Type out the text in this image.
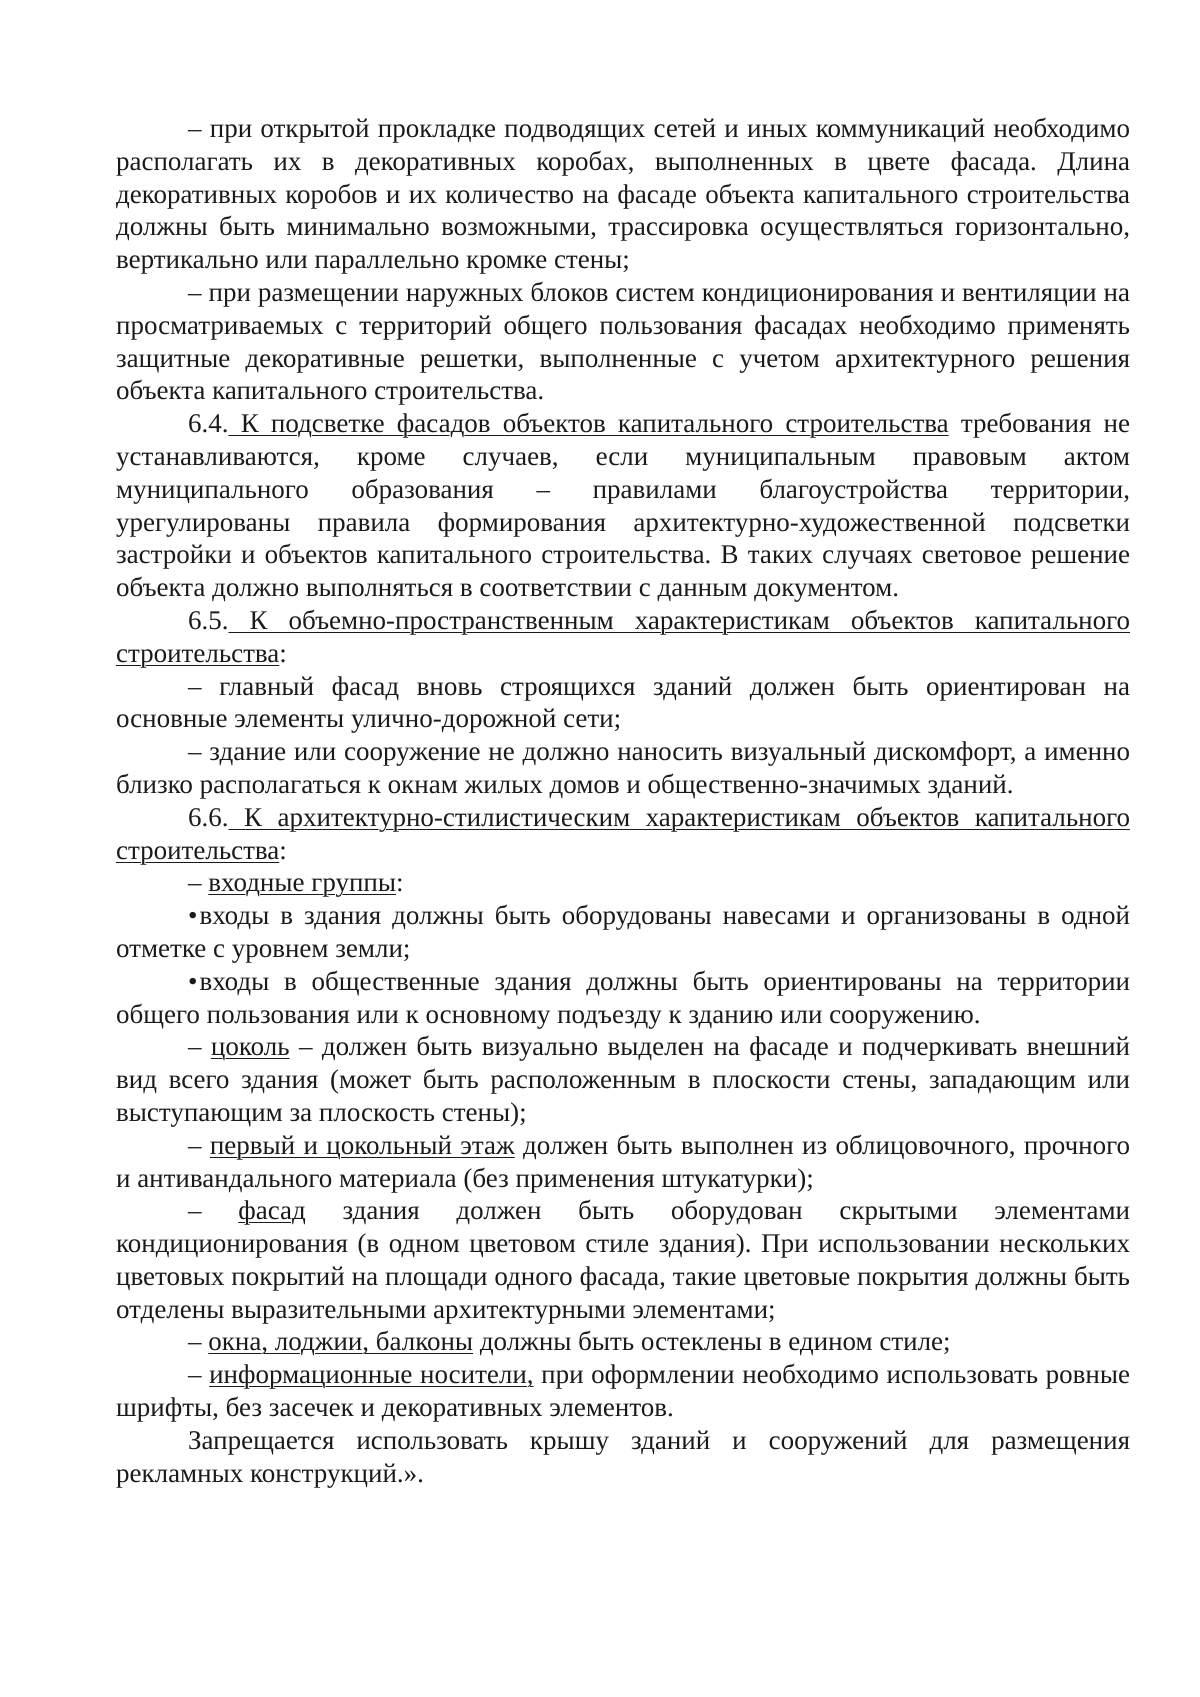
– при открытой прокладке подводящих сетей и иных коммуникаций необходимо располагать их в декоративных коробах, выполненных в цвете фасада. Длина декоративных коробов и их количество на фасаде объекта капитального строительства должны быть минимально возможными, трассировка осуществляться горизонтально, вертикально или параллельно кромке стены;

– при размещении наружных блоков систем кондиционирования и вентиляции на просматриваемых с территорий общего пользования фасадах необходимо применять защитные декоративные решетки, выполненные с учетом архитектурного решения объекта капитального строительства.

6.4. К подсветке фасадов объектов капитального строительства требования не устанавливаются, кроме случаев, если муниципальным правовым актом муниципального образования – правилами благоустройства территории, урегулированы правила формирования архитектурно-художественной подсветки застройки и объектов капитального строительства. В таких случаях световое решение объекта должно выполняться в соответствии с данным документом.

6.5. К объемно-пространственным характеристикам объектов капитального строительства:

– главный фасад вновь строящихся зданий должен быть ориентирован на основные элементы улично-дорожной сети;

– здание или сооружение не должно наносить визуальный дискомфорт, а именно близко располагаться к окнам жилых домов и общественно-значимых зданий.

6.6. К архитектурно-стилистическим характеристикам объектов капитального строительства:

– входные группы:

•входы в здания должны быть оборудованы навесами и организованы в одной отметке с уровнем земли;

•входы в общественные здания должны быть ориентированы на территории общего пользования или к основному подъезду к зданию или сооружению.

– цоколь – должен быть визуально выделен на фасаде и подчеркивать внешний вид всего здания (может быть расположенным в плоскости стены, западающим или выступающим за плоскость стены);

– первый и цокольный этаж должен быть выполнен из облицовочного, прочного и антивандального материала (без применения штукатурки);

– фасад здания должен быть оборудован скрытыми элементами кондиционирования (в одном цветовом стиле здания). При использовании нескольких цветовых покрытий на площади одного фасада, такие цветовые покрытия должны быть отделены выразительными архитектурными элементами;

– окна, лоджии, балконы должны быть остеклены в едином стиле;

– информационные носители, при оформлении необходимо использовать ровные шрифты, без засечек и декоративных элементов.

Запрещается использовать крышу зданий и сооружений для размещения рекламных конструкций.».
